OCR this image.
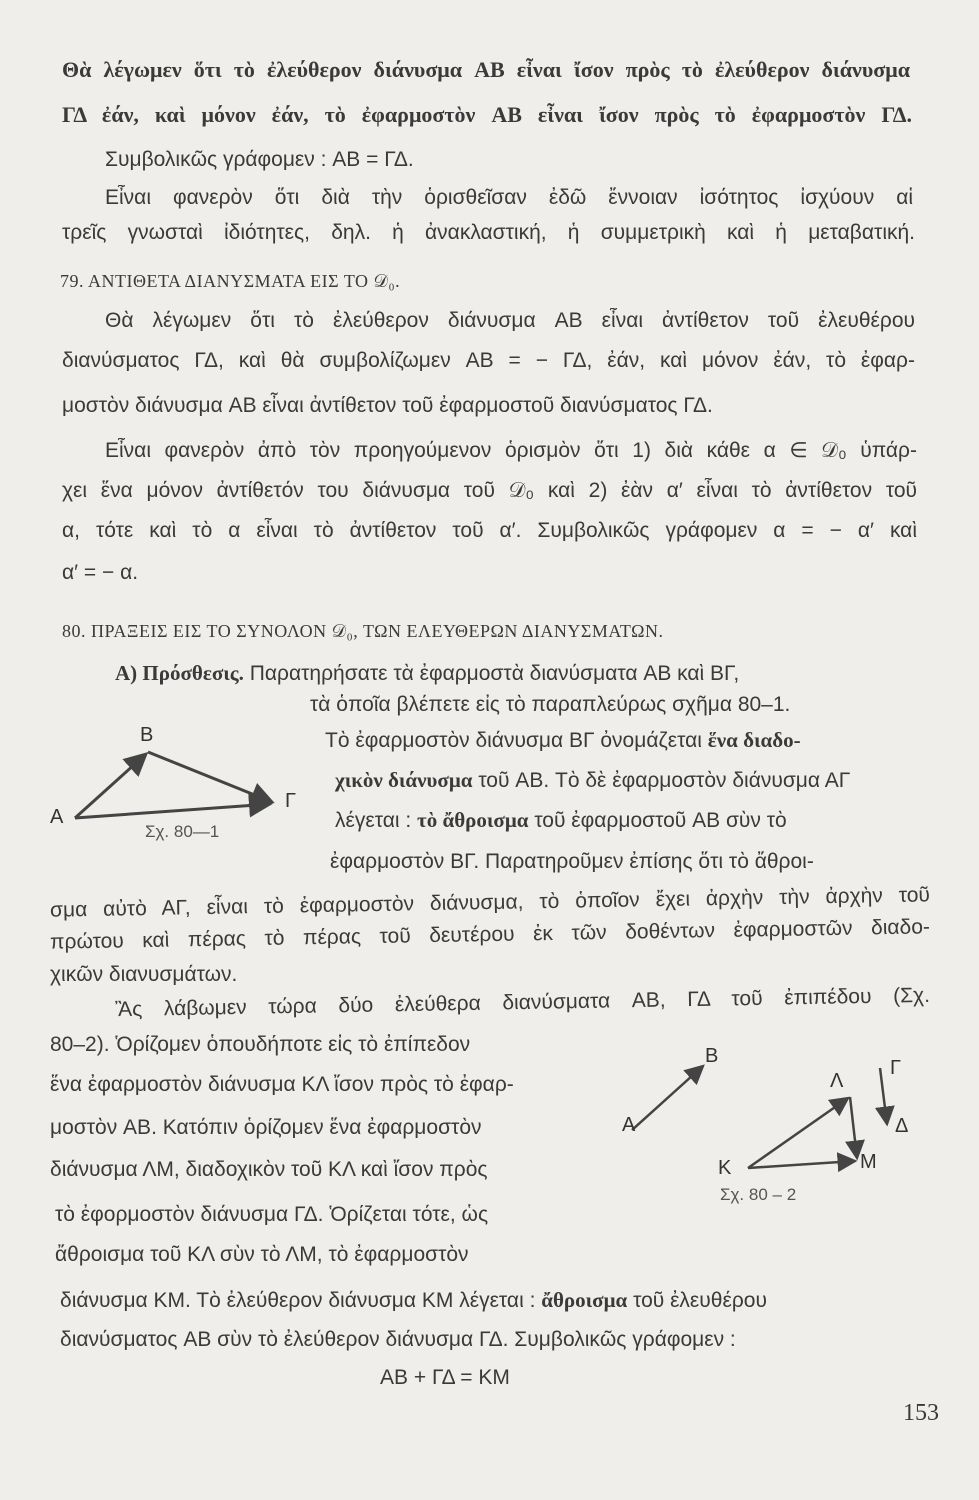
Θὰ λέγωμεν ὅτι τὸ ἐλεύθερον διάνυσμα AB εἶναι ἴσον πρὸς τὸ ἐλεύθερον διάνυσμα
ΓΔ ἐάν, καὶ μόνον ἐάν, τὸ ἐφαρμοστὸν AB εἶναι ἴσον πρὸς τὸ ἐφαρμοστὸν ΓΔ.
Συμβολικῶς γράφομεν : AB = ΓΔ.
Εἶναι φανερὸν ὅτι διὰ τὴν ὁρισθεῖσαν ἐδῶ ἔννοιαν ἰσότητος ἰσχύουν αἱ
τρεῖς γνωσταὶ ἰδιότητες, δηλ. ἡ ἀνακλαστική, ἡ συμμετρικὴ καὶ ἡ μεταβατική.
79. ΑΝΤΙΘΕΤΑ ΔΙΑΝΥΣΜΑΤΑ ΕΙΣ ΤΟ 𝒟₀.
Θὰ λέγωμεν ὅτι τὸ ἐλεύθερον διάνυσμα AB εἶναι ἀντίθετον τοῦ ἐλευθέρου
διανύσματος ΓΔ, καὶ θὰ συμβολίζωμεν AB = − ΓΔ, ἐάν, καὶ μόνον ἐάν, τὸ ἐφαρ-
μοστὸν διάνυσμα AB εἶναι ἀντίθετον τοῦ ἐφαρμοστοῦ διανύσματος ΓΔ.
Εἶναι φανερὸν ἀπὸ τὸν προηγούμενον ὁρισμὸν ὅτι 1) διὰ κάθε α ∈ 𝒟₀ ὑπάρ-
χει ἕνα μόνον ἀντίθετόν του διάνυσμα τοῦ 𝒟₀ καὶ 2) ἐὰν α′ εἶναι τὸ ἀντίθετον τοῦ
α, τότε καὶ τὸ α εἶναι τὸ ἀντίθετον τοῦ α′. Συμβολικῶς γράφομεν α = − α′ καὶ
α′ = − α.
80. ΠΡΑΞΕΙΣ ΕΙΣ ΤΟ ΣΥΝΟΛΟΝ 𝒟₀, ΤΩΝ ΕΛΕΥΘΕΡΩΝ ΔΙΑΝΥΣΜΑΤΩΝ.
Α) Πρόσθεσις. Παρατηρήσατε τὰ ἐφαρμοστὰ διανύσματα AB καὶ ΒΓ,
τὰ ὁποῖα βλέπετε εἰς τὸ παραπλεύρως σχῆμα 80–1.
Τὸ ἐφαρμοστὸν διάνυσμα ΒΓ ὀνομάζεται ἕνα διαδο-
χικὸν διάνυσμα τοῦ AB. Τὸ δὲ ἐφαρμοστὸν διάνυσμα ΑΓ
λέγεται : τὸ ἄθροισμα τοῦ ἐφαρμοστοῦ AB σὺν τὸ
ἐφαρμοστὸν ΒΓ. Παρατηροῦμεν ἐπίσης ὅτι τὸ ἄθροι-
σμα αὐτὸ ΑΓ, εἶναι τὸ ἐφαρμοστὸν διάνυσμα, τὸ ὁποῖον ἔχει ἀρχὴν τὴν ἀρχὴν τοῦ
πρώτου καὶ πέρας τὸ πέρας τοῦ δευτέρου ἐκ τῶν δοθέντων ἐφαρμοστῶν διαδο-
χικῶν διανυσμάτων.
Ἂς λάβωμεν τώρα δύο ἐλεύθερα διανύσματα AB, ΓΔ τοῦ ἐπιπέδου (Σχ.
80–2). Ὁρίζομεν ὁπουδήποτε εἰς τὸ ἐπίπεδον
ἕνα ἐφαρμοστὸν διάνυσμα ΚΛ ἴσον πρὸς τὸ ἐφαρ-
μοστὸν AB. Κατόπιν ὁρίζομεν ἕνα ἐφαρμοστὸν
διάνυσμα ΛΜ, διαδοχικὸν τοῦ ΚΛ καὶ ἴσον πρὸς
τὸ ἐφορμοστὸν διάνυσμα ΓΔ. Ὁρίζεται τότε, ὡς
ἄθροισμα τοῦ ΚΛ σὺν τὸ ΛΜ, τὸ ἐφαρμοστὸν
διάνυσμα ΚΜ. Τὸ ἐλεύθερον διάνυσμα ΚΜ λέγεται : ἄθροισμα τοῦ ἐλευθέρου
διανύσματος AB σὺν τὸ ἐλεύθερον διάνυσμα ΓΔ. Συμβολικῶς γράφομεν :
AB + ΓΔ = ΚΜ
A
B
Γ
Σχ. 80—1
A
B
Γ
Δ
Κ
Λ
Μ
Σχ. 80 – 2
153
